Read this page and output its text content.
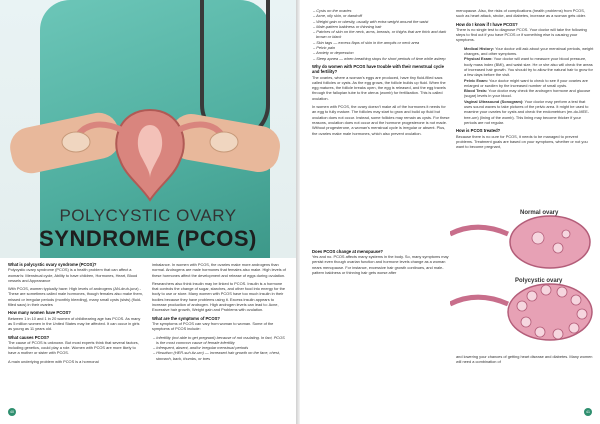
POLYCYSTIC OVARY
SYNDROME (PCOS)

What is polycystic ovary syndrome (PCOS)?
Polycystic ovary syndrome (PCOS) is a health problem that can affect a woman's: Menstrual cycle, Ability to have children, Hormones, Heart, Blood vessels and Appearance

With PCOS, women typically have: High levels of androgens (AN-druh-junz) - These are sometimes called male hormones, though females also make them, missed or irregular periods (monthly bleeding), many small cysts (sists) (fluid-filled sacs) in their ovaries

How many women have PCOS?
Between 1 in 10 and 1 in 20 women of childbearing age has PCOS. As many as 5 million women in the United States may be affected. It can occur in girls as young as 11 years old.

What causes PCOS?
The cause of PCOS is unknown. But most experts think that several factors, including genetics, could play a role. Women with PCOS are more likely to have a mother or sister with PCOS.

A main underlying problem with PCOS is a hormonal

imbalance. In women with PCOS, the ovaries make more androgens than normal. Androgens are male hormones that females also make. High levels of these hormones affect the development and release of eggs during ovulation.

Researchers also think insulin may be linked to PCOS. Insulin is a hormone that controls the change of sugar, starches, and other food into energy for the body to use or store. Many women with PCOS have too much insulin in their bodies because they have problems using it. Excess insulin appears to increase production of androgen. High androgen levels can lead to: Acne, Excessive hair growth, Weight gain and Problems with ovulation.

What are the symptoms of PCOS?
The symptoms of PCOS can vary from woman to woman. Some of the symptoms of PCOS include:

– Infertility (not able to get pregnant) because of not ovulating. In fact, PCOS is the most common cause of female infertility
– Infrequent, absent, and/or irregular menstrual periods
– Hirsutism (HER-suh-tiz-um) — increased hair growth on the face, chest, stomach, back, thumbs, or toes
40
– Cysts on the ovaries
– Acne, oily skin, or dandruff
– Weight gain or obesity, usually with extra weight around the waist
– Male-pattern baldness or thinning hair
– Patches of skin on the neck, arms, breasts, or thighs that are thick and dark brown or black
– Skin tags — excess flaps of skin in the armpits or neck area
– Pelvic pain
– Anxiety or depression
– Sleep apnea — when breathing stops for short periods of time while asleep

Why do women with PCOS have trouble with their menstrual cycle and fertility?
The ovaries, where a woman's eggs are produced, have tiny fluid-filled sacs called follicles or cysts. As the egg grows, the follicle builds up fluid. When the egg matures, the follicle breaks open, the egg is released, and the egg travels through the fallopian tube to the uterus (womb) for fertilization. This is called ovulation.

In women with PCOS, the ovary doesn't make all of the hormones it needs for an egg to fully mature. The follicles may start to grow and build up fluid but ovulation does not occur. Instead, some follicles may remain as cysts. For these reasons, ovulation does not occur and the hormone progesterone is not made. Without progesterone, a woman's menstrual cycle is irregular or absent. Plus, the ovaries make male hormones, which also prevent ovulation.

Does PCOS change at menopause?
Yes and no. PCOS affects many systems in the body. So, many symptoms may persist even though ovarian function and hormone levels change as a woman nears menopause. For instance, excessive hair growth continues, and male-pattern baldness or thinning hair gets worse after

menopause. Also, the risks of complications (health problems) from PCOS, such as heart attack, stroke, and diabetes, increase as a woman gets older.

How do I know if I have PCOS?
There is no single test to diagnose PCOS. Your doctor will take the following steps to find out if you have PCOS or if something else is causing your symptoms.

Medical History: Your doctor will ask about your menstrual periods, weight changes, and other symptoms.
Physical Exam: Your doctor will want to measure your blood pressure, body mass index (BMI), and waist size. He or she also will check the areas of increased hair growth. You should try to allow the natural hair to grow for a few days before the visit.
Pelvic Exam: Your doctor might want to check to see if your ovaries are enlarged or swollen by the increased number of small cysts.
Blood Tests: Your doctor may check the androgen hormone and glucose (sugar) levels in your blood.
Vaginal Ultrasound (Sonogram): Your doctor may perform a test that uses sound waves to take pictures of the pelvic area. It might be used to examine your ovaries for cysts and check the endometrium (en-do-MEE-tree-um) (lining of the womb). This lining may become thicker if your periods are not regular.

How is PCOS treated?
Because there is no cure for PCOS, it needs to be managed to prevent problems. Treatment goals are based on your symptoms, whether or not you want to become pregnant,

and lowering your chances of getting heart disease and diabetes. Many women will need a combination of

41
Normal ovary
Polycystic ovary
